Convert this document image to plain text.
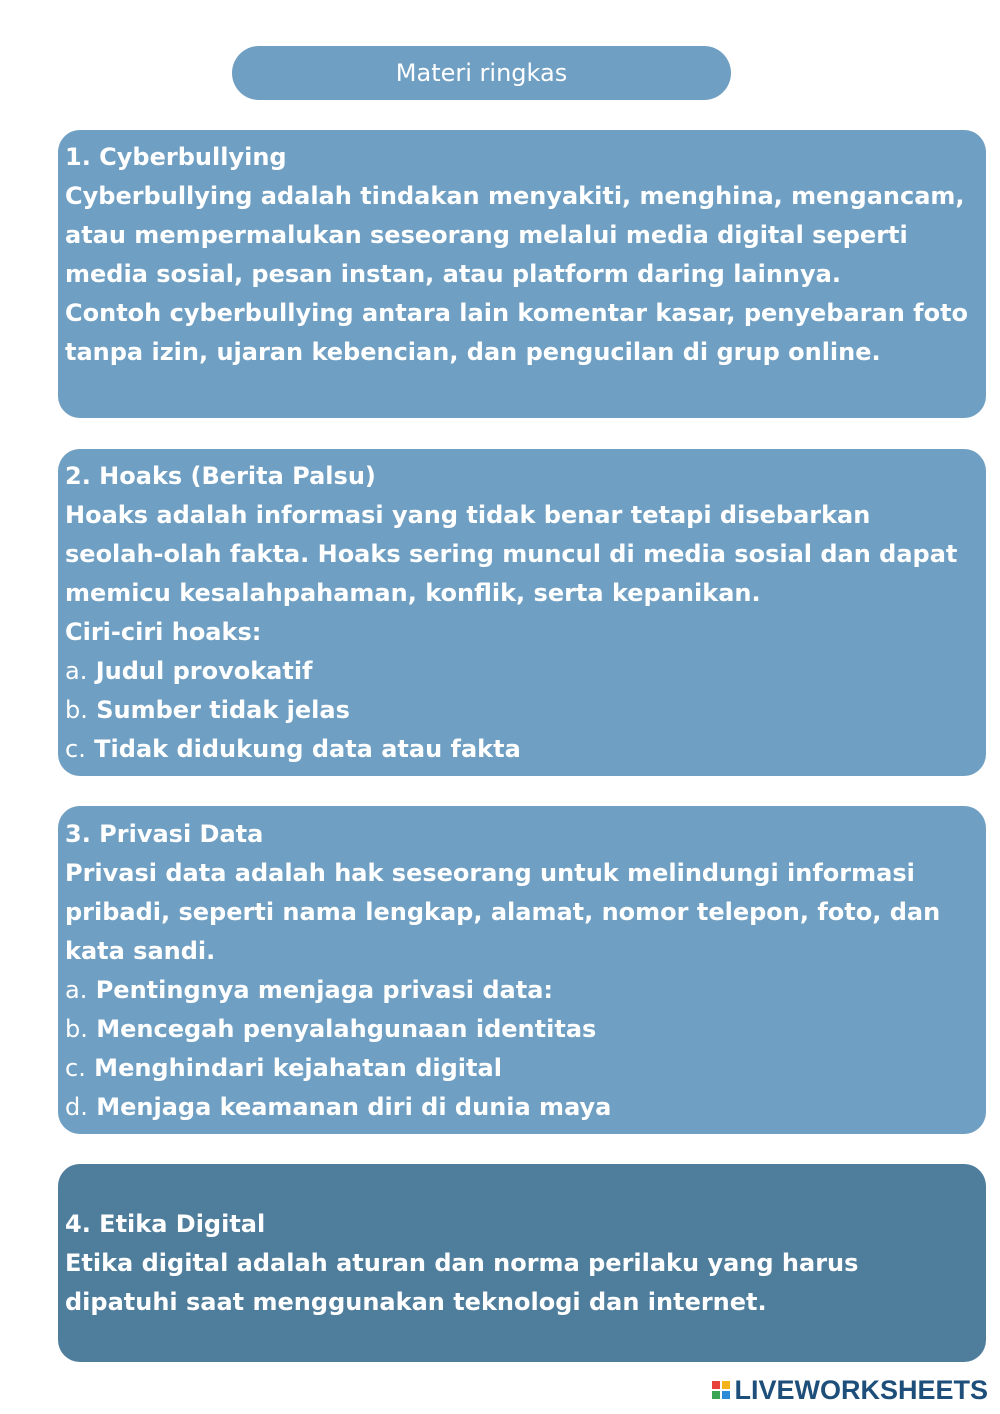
Materi ringkas
1. Cyberbullying
Cyberbullying adalah tindakan menyakiti, menghina, mengancam,
atau mempermalukan seseorang melalui media digital seperti
media sosial, pesan instan, atau platform daring lainnya.
Contoh cyberbullying antara lain komentar kasar, penyebaran foto
tanpa izin, ujaran kebencian, dan pengucilan di grup online.
2. Hoaks (Berita Palsu)
Hoaks adalah informasi yang tidak benar tetapi disebarkan
seolah-olah fakta. Hoaks sering muncul di media sosial dan dapat
memicu kesalahpahaman, konflik, serta kepanikan.
Ciri-ciri hoaks:
a. Judul provokatif
b. Sumber tidak jelas
c. Tidak didukung data atau fakta
3. Privasi Data
Privasi data adalah hak seseorang untuk melindungi informasi
pribadi, seperti nama lengkap, alamat, nomor telepon, foto, dan
kata sandi.
a. Pentingnya menjaga privasi data:
b. Mencegah penyalahgunaan identitas
c. Menghindari kejahatan digital
d. Menjaga keamanan diri di dunia maya
4. Etika Digital
Etika digital adalah aturan dan norma perilaku yang harus
dipatuhi saat menggunakan teknologi dan internet.
LIVEWORKSHEETS
